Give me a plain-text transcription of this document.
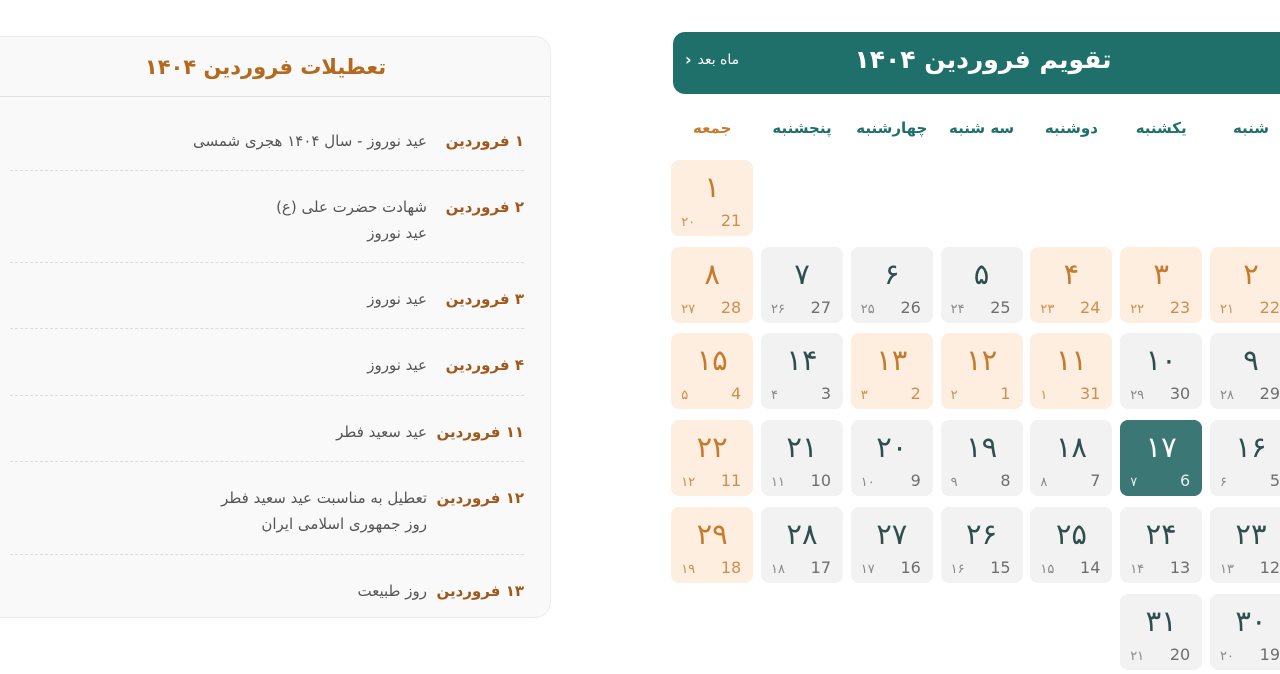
تعطیلات فروردین ۱۴۰۴
۱ فروردین
عید نوروز - سال ۱۴۰۴ هجری شمسی
۲ فروردین
شهادت حضرت علی (ع)
عید نوروز
۳ فروردین
عید نوروز
۴ فروردین
عید نوروز
۱۱ فروردین
عید سعید فطر
۱۲ فروردین
تعطیل به مناسبت عید سعید فطر
روز جمهوری اسلامی ایران
۱۳ فروردین
روز طبیعت
› ماه بعد	تقویم فروردین ۱۴۰۴
شنبه
یکشنبه
دوشنبه
سه شنبه
چهارشنبه
پنجشنبه
جمعه
۱
21
۲۰
۲
22
۲۱
۳
23
۲۲
۴
24
۲۳
۵
25
۲۴
۶
26
۲۵
۷
27
۲۶
۸
28
۲۷
۹
29
۲۸
۱۰
30
۲۹
۱۱
31
۱
۱۲
1
۲
۱۳
2
۳
۱۴
3
۴
۱۵
4
۵
۱۶
5
۶
۱۷
6
۷
۱۸
7
۸
۱۹
8
۹
۲۰
9
۱۰
۲۱
10
۱۱
۲۲
11
۱۲
۲۳
12
۱۳
۲۴
13
۱۴
۲۵
14
۱۵
۲۶
15
۱۶
۲۷
16
۱۷
۲۸
17
۱۸
۲۹
18
۱۹
۳۰
19
۲۰
۳۱
20
۲۱
